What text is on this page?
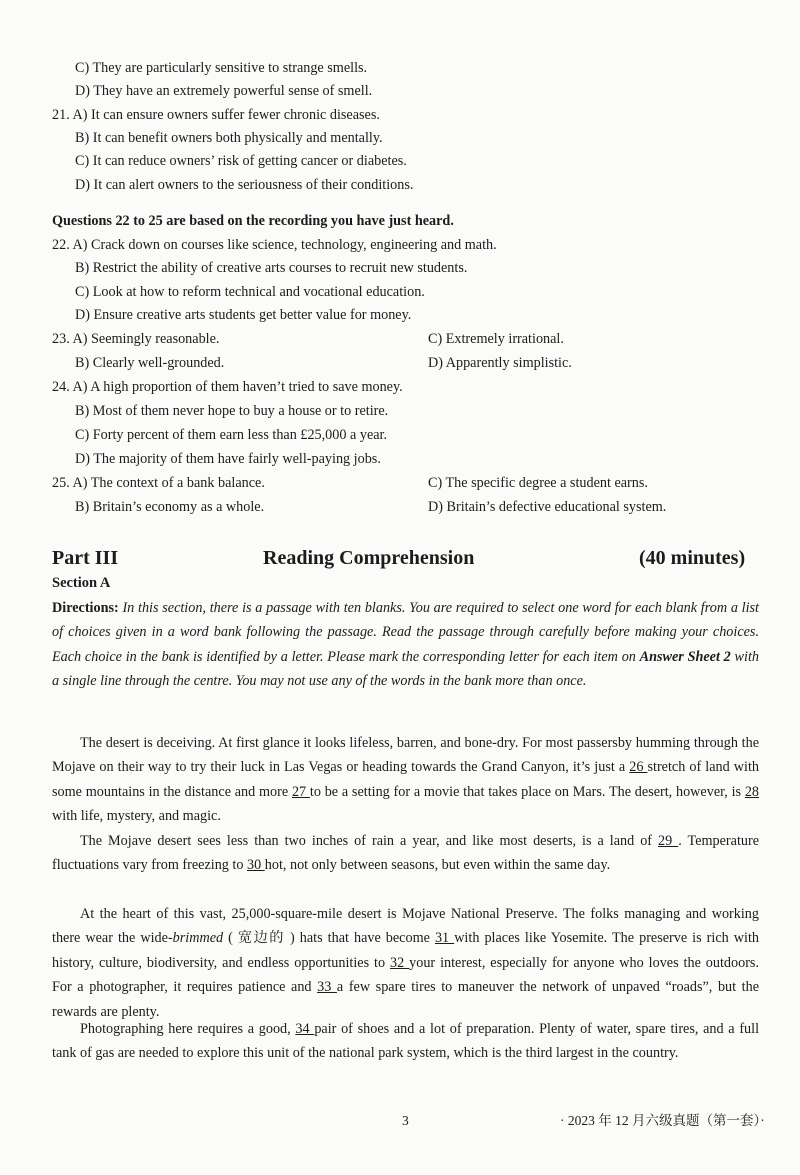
C) They are particularly sensitive to strange smells.
D) They have an extremely powerful sense of smell.
21. A) It can ensure owners suffer fewer chronic diseases.
B) It can benefit owners both physically and mentally.
C) It can reduce owners’ risk of getting cancer or diabetes.
D) It can alert owners to the seriousness of their conditions.
Questions 22 to 25 are based on the recording you have just heard.
22. A) Crack down on courses like science, technology, engineering and math.
B) Restrict the ability of creative arts courses to recruit new students.
C) Look at how to reform technical and vocational education.
D) Ensure creative arts students get better value for money.
23. A) Seemingly reasonable.	C) Extremely irrational.
B) Clearly well-grounded.	D) Apparently simplistic.
24. A) A high proportion of them haven’t tried to save money.
B) Most of them never hope to buy a house or to retire.
C) Forty percent of them earn less than £25,000 a year.
D) The majority of them have fairly well-paying jobs.
25. A) The context of a bank balance.	C) The specific degree a student earns.
B) Britain’s economy as a whole.	D) Britain’s defective educational system.
Part III	Reading Comprehension	(40 minutes)
Section A
Directions: In this section, there is a passage with ten blanks. You are required to select one word for each blank from a list of choices given in a word bank following the passage. Read the passage through carefully before making your choices. Each choice in the bank is identified by a letter. Please mark the corresponding letter for each item on Answer Sheet 2 with a single line through the centre. You may not use any of the words in the bank more than once.
The desert is deceiving. At first glance it looks lifeless, barren, and bone-dry. For most passersby humming through the Mojave on their way to try their luck in Las Vegas or heading towards the Grand Canyon, it’s just a 26 stretch of land with some mountains in the distance and more 27 to be a setting for a movie that takes place on Mars. The desert, however, is 28 with life, mystery, and magic.
The Mojave desert sees less than two inches of rain a year, and like most deserts, is a land of 29 . Temperature fluctuations vary from freezing to 30 hot, not only between seasons, but even within the same day.
At the heart of this vast, 25,000-square-mile desert is Mojave National Preserve. The folks managing and working there wear the wide-brimmed ( 宽边的 ) hats that have become 31 with places like Yosemite. The preserve is rich with history, culture, biodiversity, and endless opportunities to 32 your interest, especially for anyone who loves the outdoors. For a photographer, it requires patience and 33 a few spare tires to maneuver the network of unpaved “roads”, but the rewards are plenty.
Photographing here requires a good, 34 pair of shoes and a lot of preparation. Plenty of water, spare tires, and a full tank of gas are needed to explore this unit of the national park system, which is the third largest in the country.
3	· 2023 年 12 月六级真题（第一套）·
